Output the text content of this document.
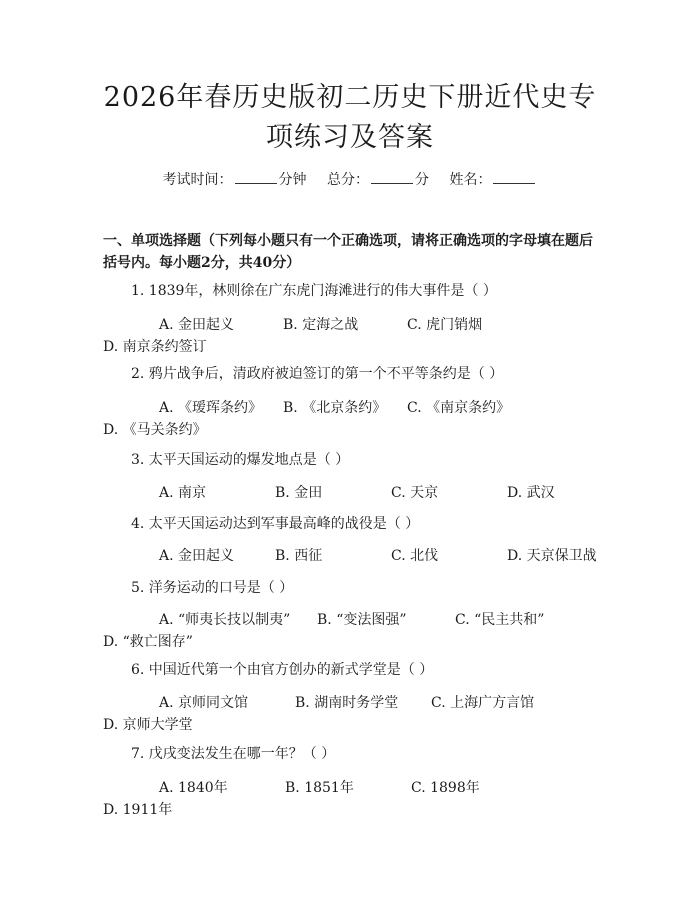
2026年春历史版初二历史下册近代史专项练习及答案
考试时间：	分钟 总分：	分 姓名：
一、单项选择题（下列每小题只有一个正确选项，请将正确选项的字母填在题后括号内。每小题2分，共40分）
1. 1839年，林则徐在广东虎门海滩进行的伟大事件是（ ）
A. 金田起义	B. 定海之战	C. 虎门销烟D. 南京条约签订
2. 鸦片战争后，清政府被迫签订的第一个不平等条约是（ ）
A. 《瑷珲条约》 B. 《北京条约》 C. 《南京条约》D. 《马关条约》
3. 太平天国运动的爆发地点是（ ）
A. 南京	B. 金田	C. 天京	D. 武汉
4. 太平天国运动达到军事最高峰的战役是（ ）
A. 金田起义	B. 西征	C. 北伐	D. 天京保卫战
5. 洋务运动的口号是（ ）
A. “师夷长技以制夷” B. “变法图强”	C. “民主共和”D. “救亡图存”
6. 中国近代第一个由官方创办的新式学堂是（ ）
A. 京师同文馆	B. 湖南时务学堂 C. 上海广方言馆D. 京师大学堂
7. 戊戌变法发生在哪一年？（ ）
A. 1840年	B. 1851年	C. 1898年D. 1911年
